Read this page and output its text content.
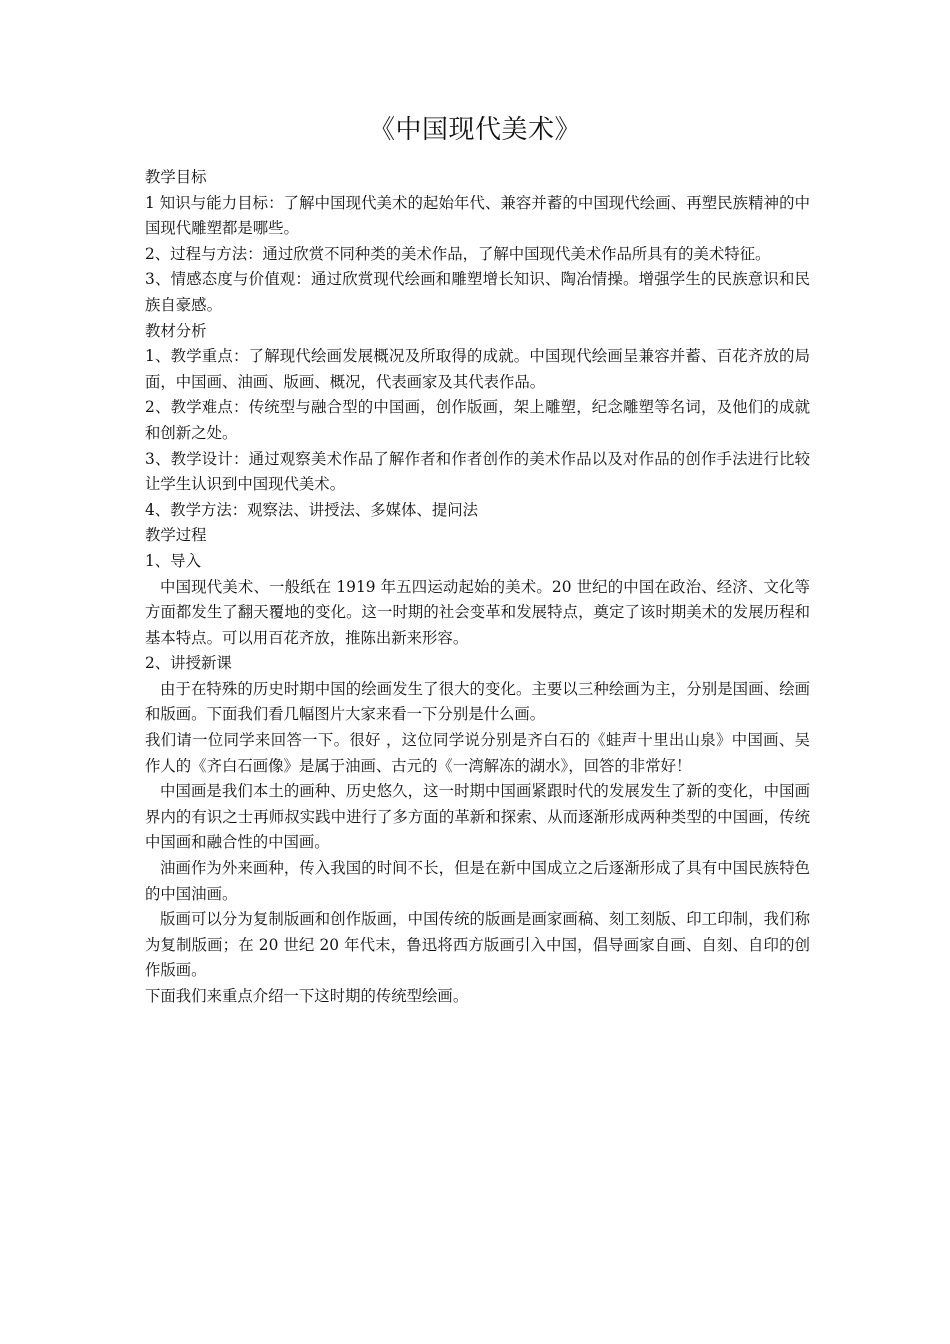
《中国现代美术》

教学目标

1 知识与能力目标：了解中国现代美术的起始年代、兼容并蓄的中国现代绘画、再塑民族精神的中国现代雕塑都是哪些。

2、过程与方法：通过欣赏不同种类的美术作品，了解中国现代美术作品所具有的美术特征。

3、情感态度与价值观：通过欣赏现代绘画和雕塑增长知识、陶冶情操。增强学生的民族意识和民族自豪感。

教材分析

1、教学重点：了解现代绘画发展概况及所取得的成就。中国现代绘画呈兼容并蓄、百花齐放的局面，中国画、油画、版画、概况，代表画家及其代表作品。

2、教学难点：传统型与融合型的中国画，创作版画，架上雕塑，纪念雕塑等名词，及他们的成就和创新之处。

3、教学设计：通过观察美术作品了解作者和作者创作的美术作品以及对作品的创作手法进行比较让学生认识到中国现代美术。

4、教学方法：观察法、讲授法、多媒体、提问法

教学过程

1、导入

中国现代美术、一般纸在 1919 年五四运动起始的美术。20 世纪的中国在政治、经济、文化等方面都发生了翻天覆地的变化。这一时期的社会变革和发展特点，奠定了该时期美术的发展历程和基本特点。可以用百花齐放，推陈出新来形容。

2、讲授新课

由于在特殊的历史时期中国的绘画发生了很大的变化。主要以三种绘画为主，分别是国画、绘画和版画。下面我们看几幅图片大家来看一下分别是什么画。

我们请一位同学来回答一下。很好 ，这位同学说分别是齐白石的《蛙声十里出山泉》中国画、吴作人的《齐白石画像》是属于油画、古元的《一湾解冻的湖水》，回答的非常好！

中国画是我们本土的画种、历史悠久，这一时期中国画紧跟时代的发展发生了新的变化，中国画界内的有识之士再师叔实践中进行了多方面的革新和探索、从而逐渐形成两种类型的中国画，传统中国画和融合性的中国画。

油画作为外来画种，传入我国的时间不长，但是在新中国成立之后逐渐形成了具有中国民族特色的中国油画。

版画可以分为复制版画和创作版画，中国传统的版画是画家画稿、刻工刻版、印工印制，我们称为复制版画；在 20 世纪 20 年代末，鲁迅将西方版画引入中国，倡导画家自画、自刻、自印的创作版画。

下面我们来重点介绍一下这时期的传统型绘画。
